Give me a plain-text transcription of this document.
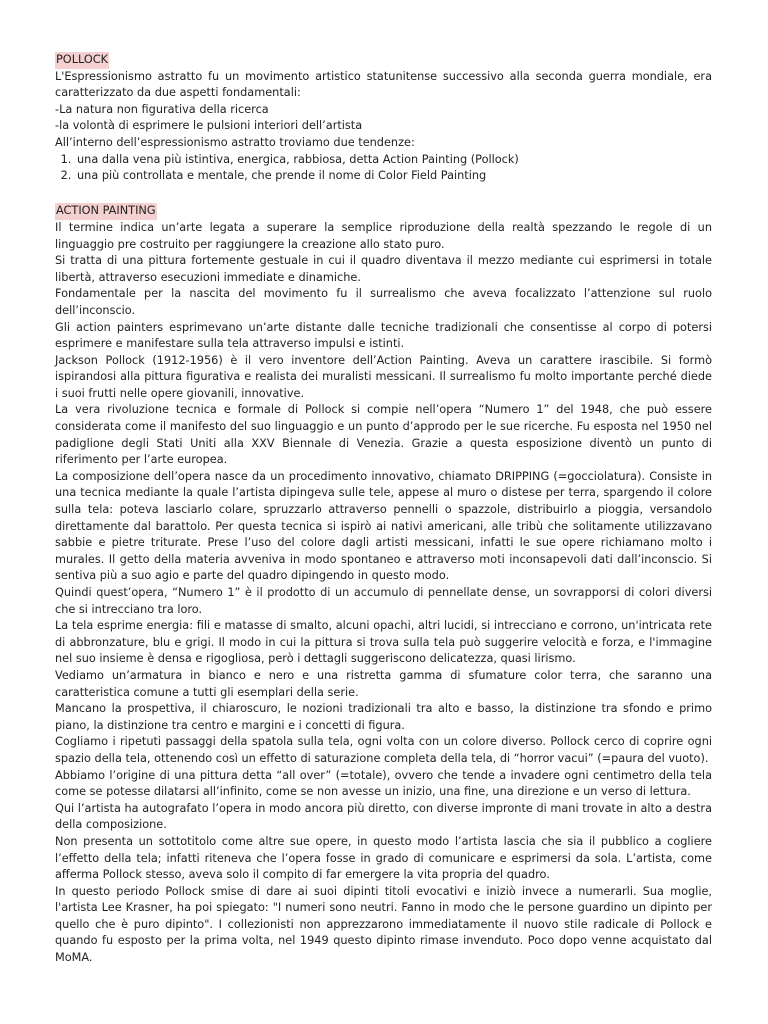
POLLOCK

L'Espressionismo astratto fu un movimento artistico statunitense successivo alla seconda guerra mondiale, era caratterizzato da due aspetti fondamentali:

-La natura non figurativa della ricerca

-la volontà di esprimere le pulsioni interiori dell’artista

All’interno dell’espressionismo astratto troviamo due tendenze:

1. una dalla vena più istintiva, energica, rabbiosa, detta Action Painting (Pollock)
2. una più controllata e mentale, che prende il nome di Color Field Painting
ACTION PAINTING

Il termine indica un’arte legata a superare la semplice riproduzione della realtà spezzando le regole di un linguaggio pre costruito per raggiungere la creazione allo stato puro.

Si tratta di una pittura fortemente gestuale in cui il quadro diventava il mezzo mediante cui esprimersi in totale libertà, attraverso esecuzioni immediate e dinamiche.

Fondamentale per la nascita del movimento fu il surrealismo che aveva focalizzato l’attenzione sul ruolo dell’inconscio.

Gli action painters esprimevano un’arte distante dalle tecniche tradizionali che consentisse al corpo di potersi esprimere e manifestare sulla tela attraverso impulsi e istinti.

Jackson Pollock (1912-1956) è il vero inventore dell’Action Painting. Aveva un carattere irascibile. Si formò ispirandosi alla pittura figurativa e realista dei muralisti messicani. Il surrealismo fu molto importante perché diede i suoi frutti nelle opere giovanili, innovative.

La vera rivoluzione tecnica e formale di Pollock si compie nell’opera “Numero 1” del 1948, che può essere considerata come il manifesto del suo linguaggio e un punto d’approdo per le sue ricerche. Fu esposta nel 1950 nel padiglione degli Stati Uniti alla XXV Biennale di Venezia. Grazie a questa esposizione diventò un punto di riferimento per l’arte europea.

La composizione dell’opera nasce da un procedimento innovativo, chiamato DRIPPING (=gocciolatura). Consiste in una tecnica mediante la quale l’artista dipingeva sulle tele, appese al muro o distese per terra, spargendo il colore sulla tela: poteva lasciarlo colare, spruzzarlo attraverso pennelli o spazzole, distribuirlo a pioggia, versandolo direttamente dal barattolo. Per questa tecnica si ispirò ai nativi americani, alle tribù che solitamente utilizzavano sabbie e pietre triturate. Prese l’uso del colore dagli artisti messicani, infatti le sue opere richiamano molto i murales. Il getto della materia avveniva in modo spontaneo e attraverso moti inconsapevoli dati dall’inconscio. Si sentiva più a suo agio e parte del quadro dipingendo in questo modo.

Quindi quest’opera, “Numero 1” è il prodotto di un accumulo di pennellate dense, un sovrapporsi di colori diversi che si intrecciano tra loro.

La tela esprime energia: fili e matasse di smalto, alcuni opachi, altri lucidi, si intrecciano e corrono, un'intricata rete di abbronzature, blu e grigi. Il modo in cui la pittura si trova sulla tela può suggerire velocità e forza, e l'immagine nel suo insieme è densa e rigogliosa, però i dettagli suggeriscono delicatezza, quasi lirismo.

Vediamo un’armatura in bianco e nero e una ristretta gamma di sfumature color terra, che saranno una caratteristica comune a tutti gli esemplari della serie.

Mancano la prospettiva, il chiaroscuro, le nozioni tradizionali tra alto e basso, la distinzione tra sfondo e primo piano, la distinzione tra centro e margini e i concetti di figura.

Cogliamo i ripetuti passaggi della spatola sulla tela, ogni volta con un colore diverso. Pollock cerco di coprire ogni spazio della tela, ottenendo così un effetto di saturazione completa della tela, di “horror vacui” (=paura del vuoto).

Abbiamo l’origine di una pittura detta “all over” (=totale), ovvero che tende a invadere ogni centimetro della tela come se potesse dilatarsi all’infinito, come se non avesse un inizio, una fine, una direzione e un verso di lettura.

Qui l’artista ha autografato l’opera in modo ancora più diretto, con diverse impronte di mani trovate in alto a destra della composizione.

Non presenta un sottotitolo come altre sue opere, in questo modo l’artista lascia che sia il pubblico a cogliere l’effetto della tela; infatti riteneva che l’opera fosse in grado di comunicare e esprimersi da sola. L’artista, come afferma Pollock stesso, aveva solo il compito di far emergere la vita propria del quadro.

In questo periodo Pollock smise di dare ai suoi dipinti titoli evocativi e iniziò invece a numerarli. Sua moglie, l'artista Lee Krasner, ha poi spiegato: "I numeri sono neutri. Fanno in modo che le persone guardino un dipinto per quello che è puro dipinto". I collezionisti non apprezzarono immediatamente il nuovo stile radicale di Pollock e quando fu esposto per la prima volta, nel 1949 questo dipinto rimase invenduto. Poco dopo venne acquistato dal MoMA.
